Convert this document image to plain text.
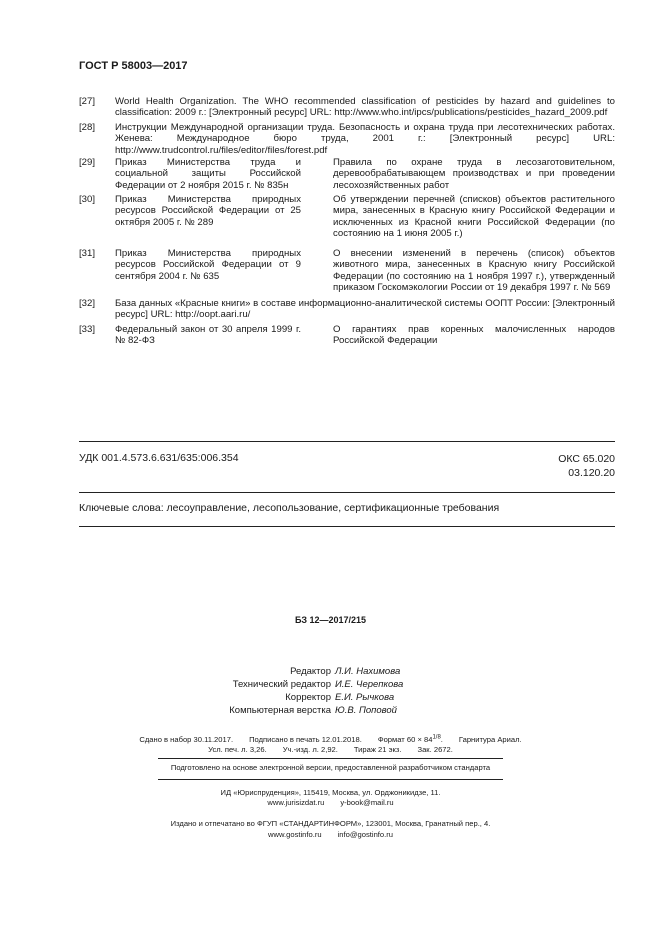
ГОСТ Р 58003—2017
[27] World Health Organization. The WHO recommended classification of pesticides by hazard and guidelines to classification: 2009 г.: [Электронный ресурс] URL: http://www.who.int/ipcs/publications/pesticides_hazard_2009.pdf
[28] Инструкции Международной организации труда. Безопасность и охрана труда при лесотехнических работах. Женева: Международное бюро труда, 2001 г.: [Электронный ресурс] URL: http://www.trudcontrol.ru/files/editor/files/forest.pdf
[29] Приказ Министерства труда и социальной защиты Российской Федерации от 2 ноября 2015 г. № 835н
Правила по охране труда в лесозаготовительном, деревообрабатывающем производствах и при проведении лесохозяйственных работ
[30] Приказ Министерства природных ресурсов Российской Федерации от 25 октября 2005 г. № 289
Об утверждении перечней (списков) объектов растительного мира, занесенных в Красную книгу Российской Федерации и исключенных из Красной книги Российской Федерации (по состоянию на 1 июня 2005 г.)
[31] Приказ Министерства природных ресурсов Российской Федерации от 9 сентября 2004 г. № 635
О внесении изменений в перечень (список) объектов животного мира, занесенных в Красную книгу Российской Федерации (по состоянию на 1 ноября 1997 г.), утвержденный приказом Госкомэкологии России от 19 декабря 1997 г. № 569
[32] База данных «Красные книги» в составе информационно-аналитической системы ООПТ России: [Электронный ресурс] URL: http://oopt.aari.ru/
[33] Федеральный закон от 30 апреля 1999 г. № 82-ФЗ
О гарантиях прав коренных малочисленных народов Российской Федерации
УДК 001.4.573.6.631/635:006.354	ОКС 65.020
03.120.20
Ключевые слова: лесоуправление, лесопользование, сертификационные требования
БЗ 12—2017/215
Редактор Л.И. Нахимова
Технический редактор И.Е. Черепкова
Корректор Е.И. Рычкова
Компьютерная верстка Ю.В. Поповой
Сдано в набор 30.11.2017. Подписано в печать 12.01.2018. Формат $60 \times 84^{1/8}$. Гарнитура Ариал.
Усл. печ. л. 3,26. Уч.-изд. л. 2,92. Тираж 21 экз. Зак. 2672.
Подготовлено на основе электронной версии, предоставленной разработчиком стандарта
ИД «Юриспруденция», 115419, Москва, ул. Орджоникидзе, 11.
www.jurisizdat.ru y-book@mail.ru
Издано и отпечатано во ФГУП «СТАНДАРТИНФОРМ», 123001, Москва, Гранатный пер., 4.
www.gostinfo.ru info@gostinfo.ru
